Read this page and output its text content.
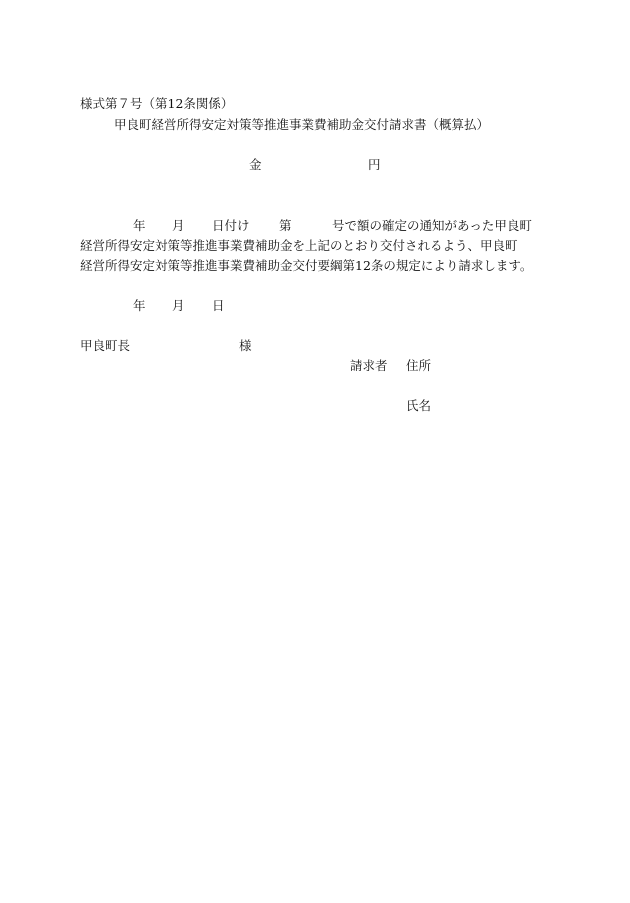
様式第７号（第12条関係）
甲良町経営所得安定対策等推進事業費補助金交付請求書（概算払）
金	円
年 月 日付け 第	号で額の確定の通知があった甲良町
経営所得安定対策等推進事業費補助金を上記のとおり交付されるよう、甲良町
経営所得安定対策等推進事業費補助金交付要綱第12条の規定により請求します。
年 月 日
甲良町長	様
請求者 住所
氏名
